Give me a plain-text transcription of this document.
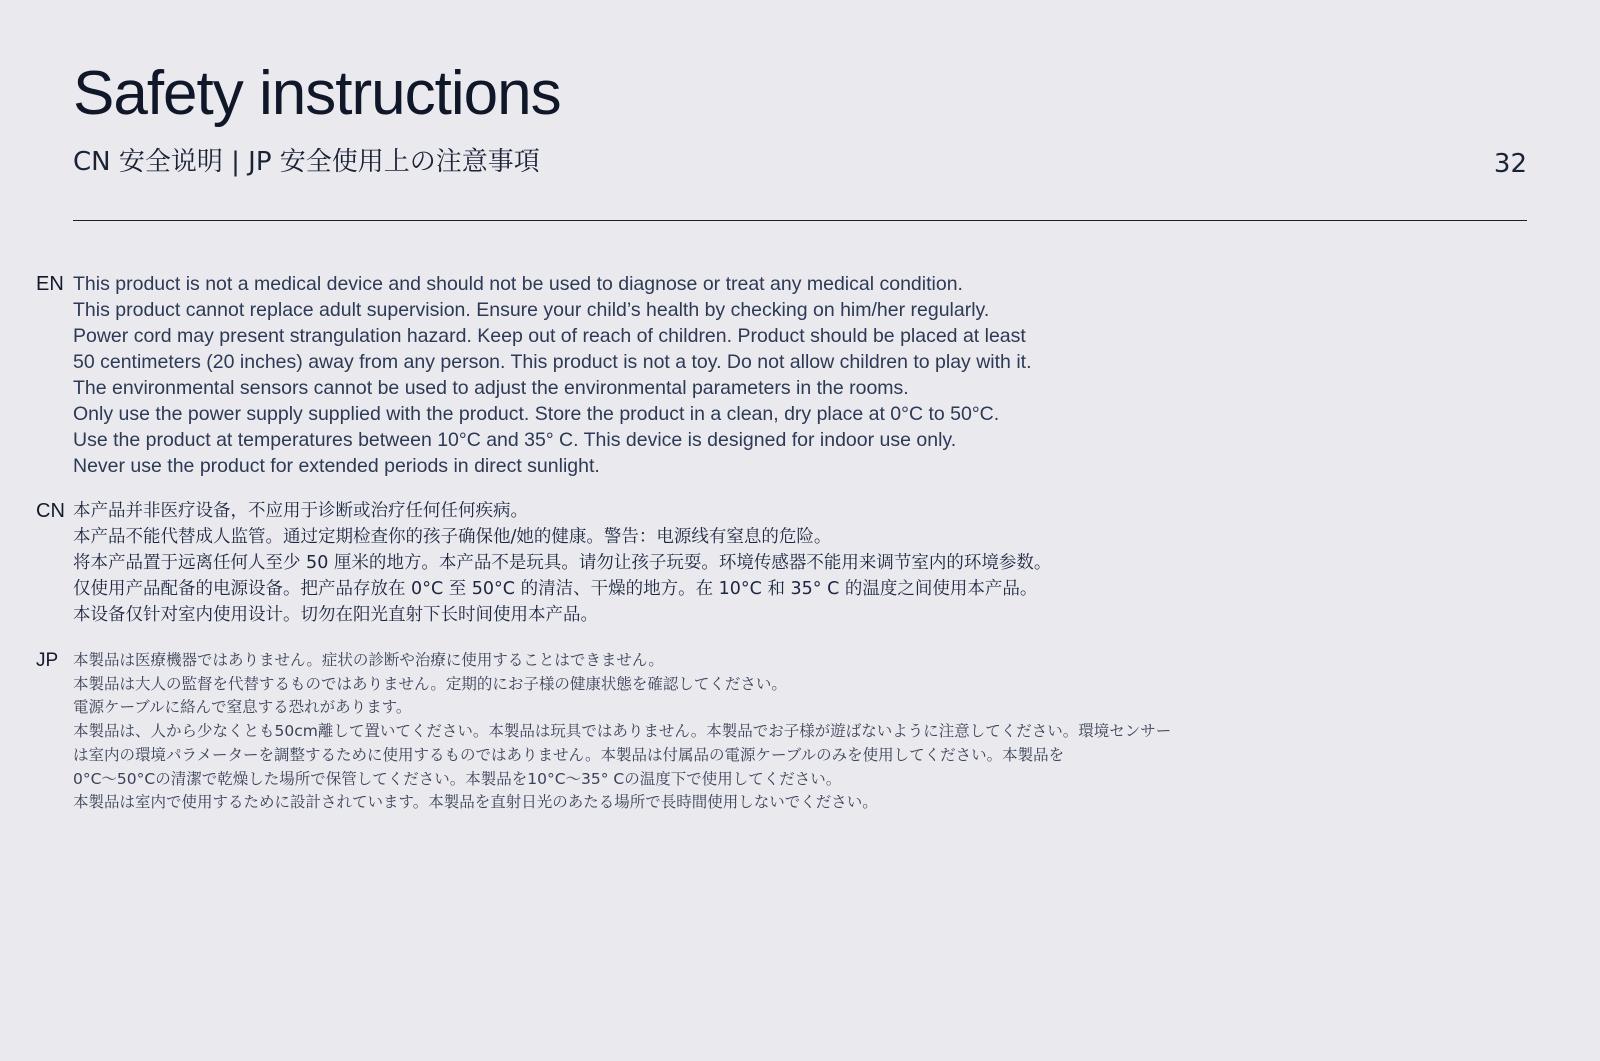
Safety instructions
CN 安全说明 | JP 安全使用上の注意事項	32
EN This product is not a medical device and should not be used to diagnose or treat any medical condition.
This product cannot replace adult supervision. Ensure your child’s health by checking on him/her regularly.
Power cord may present strangulation hazard. Keep out of reach of children. Product should be placed at least
50 centimeters (20 inches) away from any person. This product is not a toy. Do not allow children to play with it.
The environmental sensors cannot be used to adjust the environmental parameters in the rooms.
Only use the power supply supplied with the product. Store the product in a clean, dry place at 0°C to 50°C.
Use the product at temperatures between 10°C and 35° C. This device is designed for indoor use only.
Never use the product for extended periods in direct sunlight.
CN 本产品并非医疗设备，不应用于诊断或治疗任何任何疾病。
本产品不能代替成人监管。通过定期检查你的孩子确保他/她的健康。警告：电源线有窒息的危险。
将本产品置于远离任何人至少 50 厘米的地方。本产品不是玩具。请勿让孩子玩耍。环境传感器不能用来调节室内的环境参数。
仅使用产品配备的电源设备。把产品存放在 0°C 至 50°C 的清洁、干燥的地方。在 10°C 和 35° C 的温度之间使用本产品。
本设备仅针对室内使用设计。切勿在阳光直射下长时间使用本产品。
JP 本製品は医療機器ではありません。症状の診断や治療に使用することはできません。
本製品は大人の監督を代替するものではありません。定期的にお子様の健康状態を確認してください。
電源ケーブルに絡んで窒息する恐れがあります。
本製品は、人から少なくとも50cm離して置いてください。本製品は玩具ではありません。本製品でお子様が遊ばないように注意してください。環境センサー
は室内の環境パラメーターを調整するために使用するものではありません。本製品は付属品の電源ケーブルのみを使用してください。本製品を
0°C〜50°Cの清潔で乾燥した場所で保管してください。本製品を10°C〜35° Cの温度下で使用してください。
本製品は室内で使用するために設計されています。本製品を直射日光のあたる場所で長時間使用しないでください。
